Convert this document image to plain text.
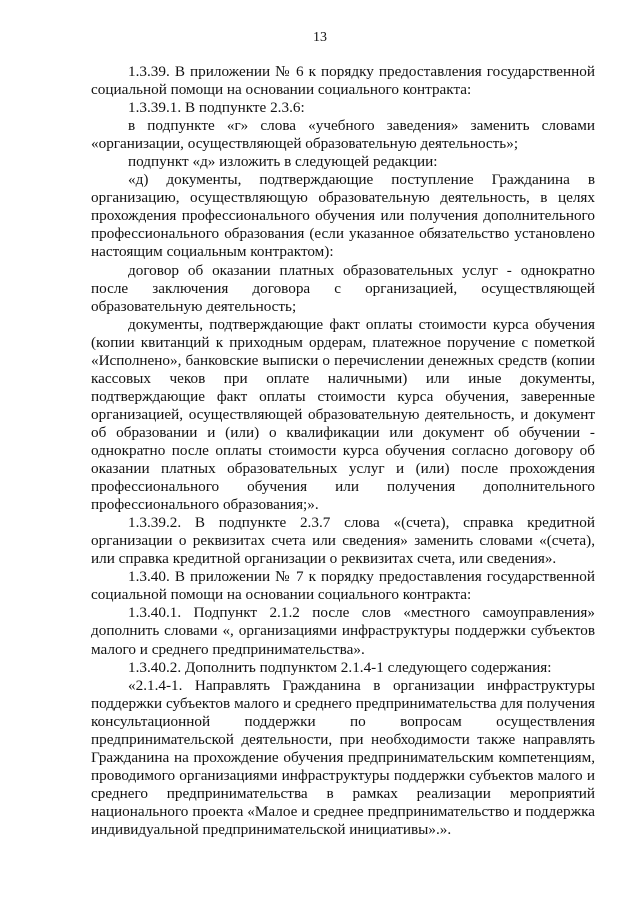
13

1.3.39. В приложении № 6 к порядку предоставления государственной социальной помощи на основании социального контракта:

1.3.39.1. В подпункте 2.3.6:

в подпункте «г» слова «учебного заведения» заменить словами «организации, осуществляющей образовательную деятельность»;

подпункт «д» изложить в следующей редакции:

«д) документы, подтверждающие поступление Гражданина в организацию, осуществляющую образовательную деятельность, в целях прохождения профессионального обучения или получения дополнительного профессионального образования (если указанное обязательство установлено настоящим социальным контрактом):

договор об оказании платных образовательных услуг - однократно
после заключения договора с организацией, осуществляющей
образовательную деятельность;
документы, подтверждающие факт оплаты стоимости курса обучения
(копии квитанций к приходным ордерам, платежное поручение с пометкой
«Исполнено», банковские выписки о перечислении денежных средств (копии
кассовых чеков при оплате наличными) или иные документы,
подтверждающие факт оплаты стоимости курса обучения, заверенные
организацией, осуществляющей образовательную деятельность, и документ
об образовании и (или) о квалификации или документ об обучении -
однократно после оплаты стоимости курса обучения согласно договору об
оказании платных образовательных услуг и (или) после прохождения
профессионального обучения или получения дополнительного
профессионального образования;».

1.3.39.2. В подпункте 2.3.7 слова «(счета), справка кредитной организации о реквизитах счета или сведения» заменить словами «(счета), или справка кредитной организации о реквизитах счета, или сведения».

1.3.40. В приложении № 7 к порядку предоставления государственной социальной помощи на основании социального контракта:

1.3.40.1. Подпункт 2.1.2 после слов «местного самоуправления» дополнить словами «, организациями инфраструктуры поддержки субъектов малого и среднего предпринимательства».

1.3.40.2. Дополнить подпунктом 2.1.4-1 следующего содержания:

«2.1.4-1. Направлять Гражданина в организации инфраструктуры
поддержки субъектов малого и среднего предпринимательства для получения
консультационной поддержки по вопросам осуществления
предпринимательской деятельности, при необходимости также направлять
Гражданина на прохождение обучения предпринимательским компетенциям,
проводимого организациями инфраструктуры поддержки субъектов малого и
среднего предпринимательства в рамках реализации мероприятий
национального проекта «Малое и среднее предпринимательство и поддержка
индивидуальной предпринимательской инициативы».».
